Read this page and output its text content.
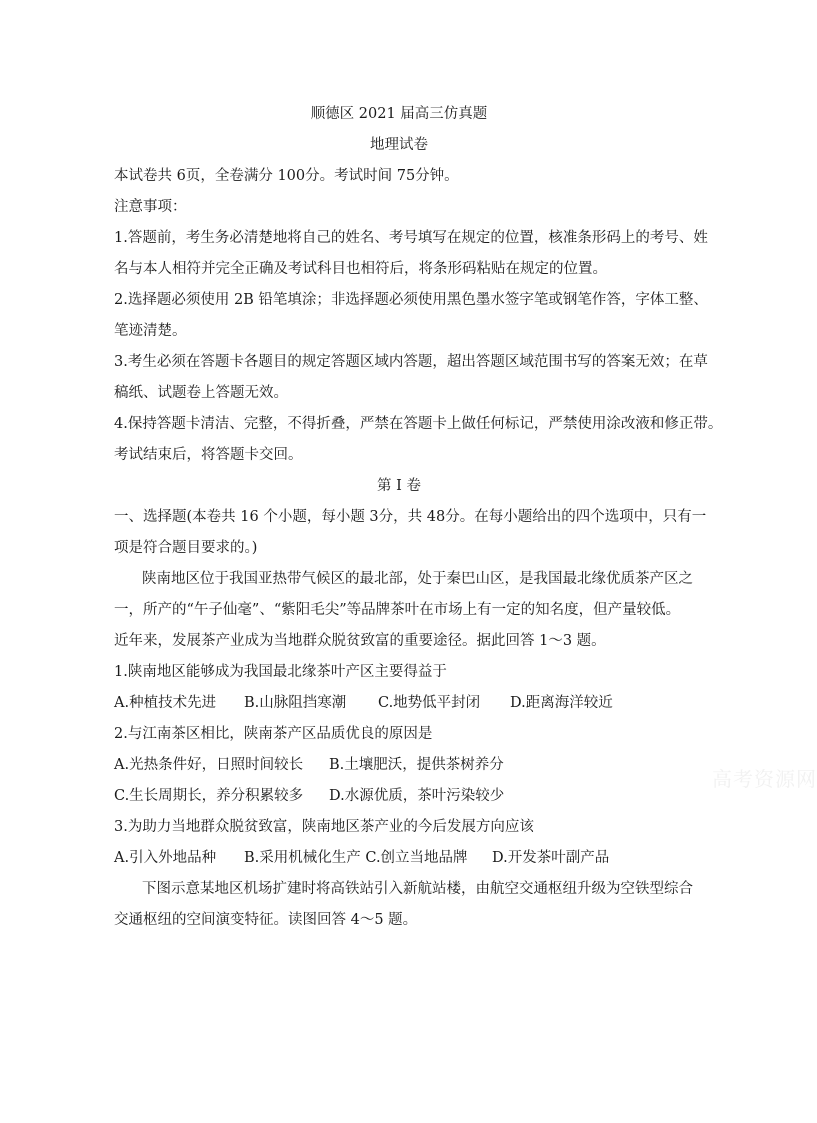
顺德区 2021 届高三仿真题
地理试卷
本试卷共 6页，全卷满分 100分。考试时间 75分钟。
注意事项：
1.答题前，考生务必清楚地将自己的姓名、考号填写在规定的位置，核准条形码上的考号、姓
名与本人相符并完全正确及考试科目也相符后，将条形码粘贴在规定的位置。
2.选择题必须使用 2B 铅笔填涂；非选择题必须使用黑色墨水签字笔或钢笔作答，字体工整、
笔迹清楚。
3.考生必须在答题卡各题目的规定答题区域内答题，超出答题区域范围书写的答案无效；在草
稿纸、试题卷上答题无效。
4.保持答题卡清洁、完整，不得折叠，严禁在答题卡上做任何标记，严禁使用涂改液和修正带。
考试结束后，将答题卡交回。
第 I 卷
一、选择题(本卷共 16 个小题，每小题 3分，共 48分。在每小题给出的四个选项中，只有一
项是符合题目要求的。)
陕南地区位于我国亚热带气候区的最北部，处于秦巴山区，是我国最北缘优质茶产区之
一，所产的“午子仙毫”、“紫阳毛尖”等品牌茶叶在市场上有一定的知名度，但产量较低。
近年来，发展茶产业成为当地群众脱贫致富的重要途径。据此回答 1～3 题。
1.陕南地区能够成为我国最北缘茶叶产区主要得益于
A.种植技术先进 B.山脉阻挡寒潮 C.地势低平封闭 D.距离海洋较近
2.与江南茶区相比，陕南茶产区品质优良的原因是
A.光热条件好，日照时间较长 B.土壤肥沃，提供茶树养分
C.生长周期长，养分积累较多 D.水源优质，茶叶污染较少
3.为助力当地群众脱贫致富，陕南地区茶产业的今后发展方向应该
A.引入外地品种 B.采用机械化生产 C.创立当地品牌 D.开发茶叶副产品
下图示意某地区机场扩建时将高铁站引入新航站楼，由航空交通枢纽升级为空铁型综合
交通枢纽的空间演变特征。读图回答 4～5 题。
高考资源网
